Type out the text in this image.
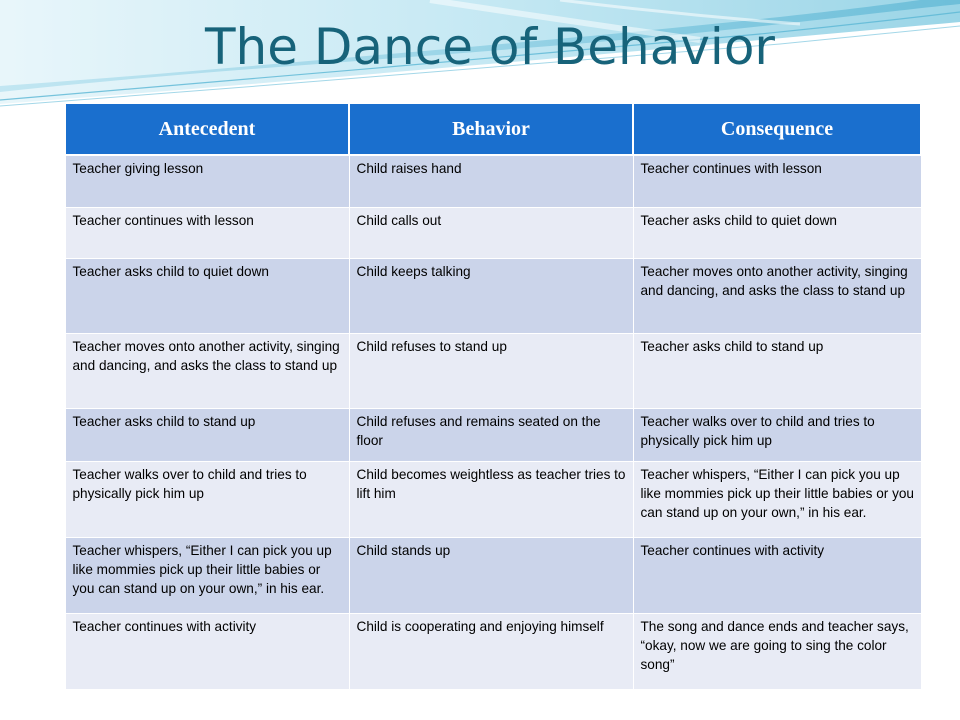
The Dance of Behavior
Antecedent	Behavior	Consequence
Teacher giving lesson	Child raises hand	Teacher continues with lesson
Teacher continues with lesson	Child calls out	Teacher asks child to quiet down
Teacher asks child to quiet down	Child keeps talking	Teacher moves onto another activity, singing and dancing, and asks the class to stand up
Teacher moves onto another activity, singing and dancing, and asks the class to stand up	Child refuses to stand up	Teacher asks child to stand up
Teacher asks child to stand up	Child refuses and remains seated on the floor	Teacher walks over to child and tries to physically pick him up
Teacher walks over to child and tries to physically pick him up	Child becomes weightless as teacher tries to lift him	Teacher whispers, “Either I can pick you up like mommies pick up their little babies or you can stand up on your own,” in his ear.
Teacher whispers, “Either I can pick you up like mommies pick up their little babies or you can stand up on your own,” in his ear.	Child stands up	Teacher continues with activity
Teacher continues with activity	Child is cooperating and enjoying himself	The song and dance ends and teacher says, “okay, now we are going to sing the color song”
